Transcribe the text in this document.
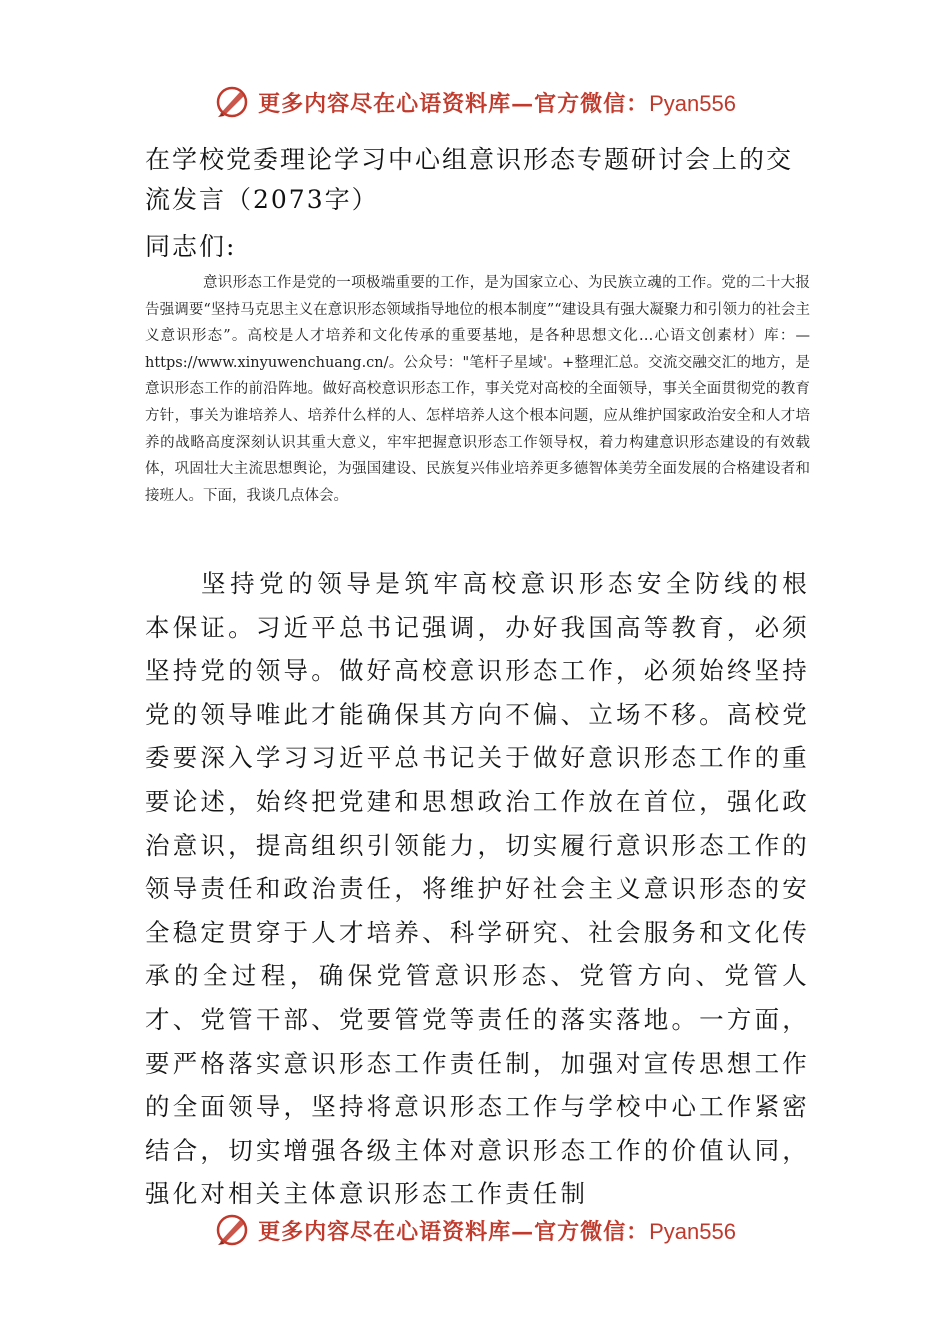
更多内容尽在心语资料库—官方微信：Pyan556
在学校党委理论学习中心组意识形态专题研讨会上的交流发言（2073字）
同志们:
意识形态工作是党的一项极端重要的工作，是为国家立心、为民族立魂的工作。党的二十大报告强调要“坚持马克思主义在意识形态领域指导地位的根本制度”“建设具有强大凝聚力和引领力的社会主义意识形态”。高校是人才培养和文化传承的重要基地，是各种思想文化…心语文创素材）库：—https://www.xinyuwenchuang.cn/。公众号："笔杆子星域'。+整理汇总。交流交融交汇的地方，是意识形态工作的前沿阵地。做好高校意识形态工作，事关党对高校的全面领导，事关全面贯彻党的教育方针，事关为谁培养人、培养什么样的人、怎样培养人这个根本问题，应从维护国家政治安全和人才培养的战略高度深刻认识其重大意义，牢牢把握意识形态工作领导权，着力构建意识形态建设的有效载体，巩固壮大主流思想舆论，为强国建设、民族复兴伟业培养更多德智体美劳全面发展的合格建设者和接班人。下面，我谈几点体会。
坚持党的领导是筑牢高校意识形态安全防线的根本保证。习近平总书记强调，办好我国高等教育，必须坚持党的领导。做好高校意识形态工作，必须始终坚持党的领导唯此才能确保其方向不偏、立场不移。高校党委要深入学习习近平总书记关于做好意识形态工作的重要论述，始终把党建和思想政治工作放在首位，强化政治意识，提高组织引领能力，切实履行意识形态工作的领导责任和政治责任，将维护好社会主义意识形态的安全稳定贯穿于人才培养、科学研究、社会服务和文化传承的全过程，确保党管意识形态、党管方向、党管人才、党管干部、党要管党等责任的落实落地。一方面，要严格落实意识形态工作责任制，加强对宣传思想工作的全面领导，坚持将意识形态工作与学校中心工作紧密结合，切实增强各级主体对意识形态工作的价值认同，强化对相关主体意识形态工作责任制
更多内容尽在心语资料库—官方微信：Pyan556
